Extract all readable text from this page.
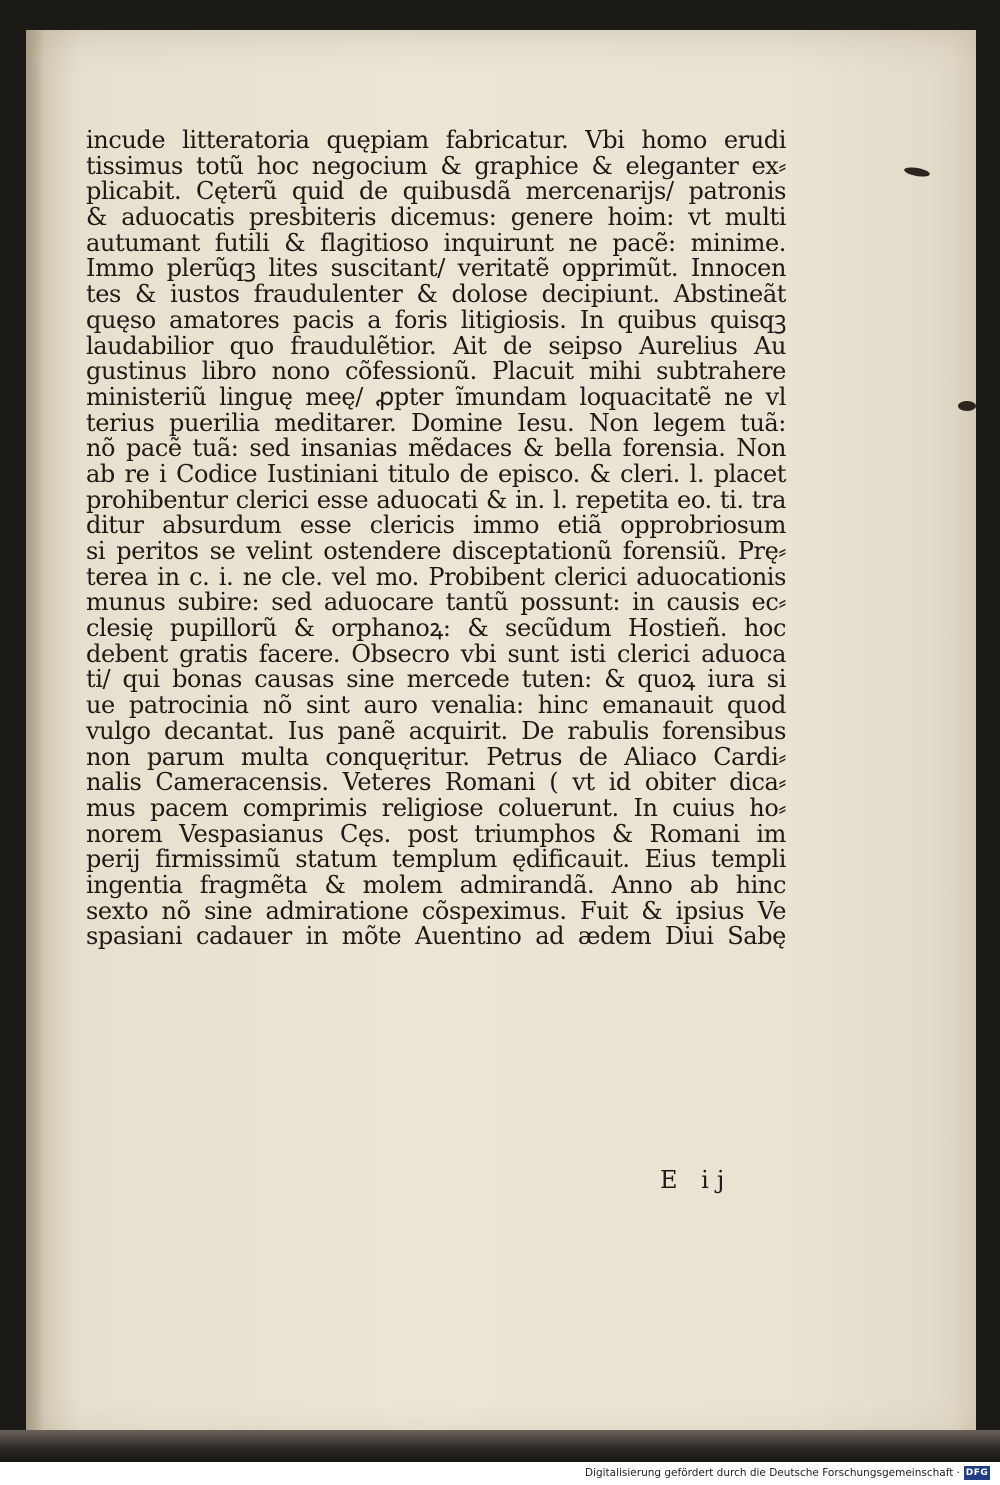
incude litteratoria quępiam fabricatur. Vbi homo erudi
tissimus totũ hoc negocium & graphice & eleganter ex⸗
plicabit. Cęterũ quid de quibusdã mercenarijs/ patronis
& aduocatis presbiteris dicemus: genere hoim: vt multi
autumant futili & flagitioso inquirunt ne pacẽ: minime.
Immo plerũqꝫ lites suscitant/ veritatẽ opprimũt. Innocen
tes & iustos fraudulenter & dolose decipiunt. Abstineãt
quęso amatores pacis a foris litigiosis. In quibus quisqꝫ
laudabilior quo fraudulẽtior. Ait de seipso Aurelius Au
gustinus libro nono cõfessionũ. Placuit mihi subtrahere
ministeriũ linguę meę/ ꝓpter ĩmundam loquacitatẽ ne vl
terius puerilia meditarer. Domine Iesu. Non legem tuã:
nõ pacẽ tuã: sed insanias mẽdaces & bella forensia. Non
ab re i Codice Iustiniani titulo de episco. & cleri. l. placet
prohibentur clerici esse aduocati & in. l. repetita eo. ti. tra
ditur absurdum esse clericis immo etiã opprobriosum
si peritos se velint ostendere disceptationũ forensiũ. Prę⸗
terea in c. i. ne cle. vel mo. Probibent clerici aduocationis
munus subire: sed aduocare tantũ possunt: in causis ec⸗
clesię pupillorũ & orphanoꝝ: & secũdum Hostieñ. hoc
debent gratis facere. Obsecro vbi sunt isti clerici aduoca
ti/ qui bonas causas sine mercede tuten: & quoꝝ iura si
ue patrocinia nõ sint auro venalia: hinc emanauit quod
vulgo decantat. Ius panẽ acquirit. De rabulis forensibus
non parum multa conquęritur. Petrus de Aliaco Cardi⸗
nalis Cameracensis. Veteres Romani ( vt id obiter dica⸗
mus pacem comprimis religiose coluerunt. In cuius ho⸗
norem Vespasianus Cęs. post triumphos & Romani im
perij firmissimũ statum templum ędificauit. Eius templi
ingentia fragmẽta & molem admirandã. Anno ab hinc
sexto nõ sine admiratione cõspeximus. Fuit & ipsius Ve
spasiani cadauer in mõte Auentino ad ædem Diui Sabę
E ij
Digitalisierung gefördert durch die Deutsche Forschungsgemeinschaft · DFG
